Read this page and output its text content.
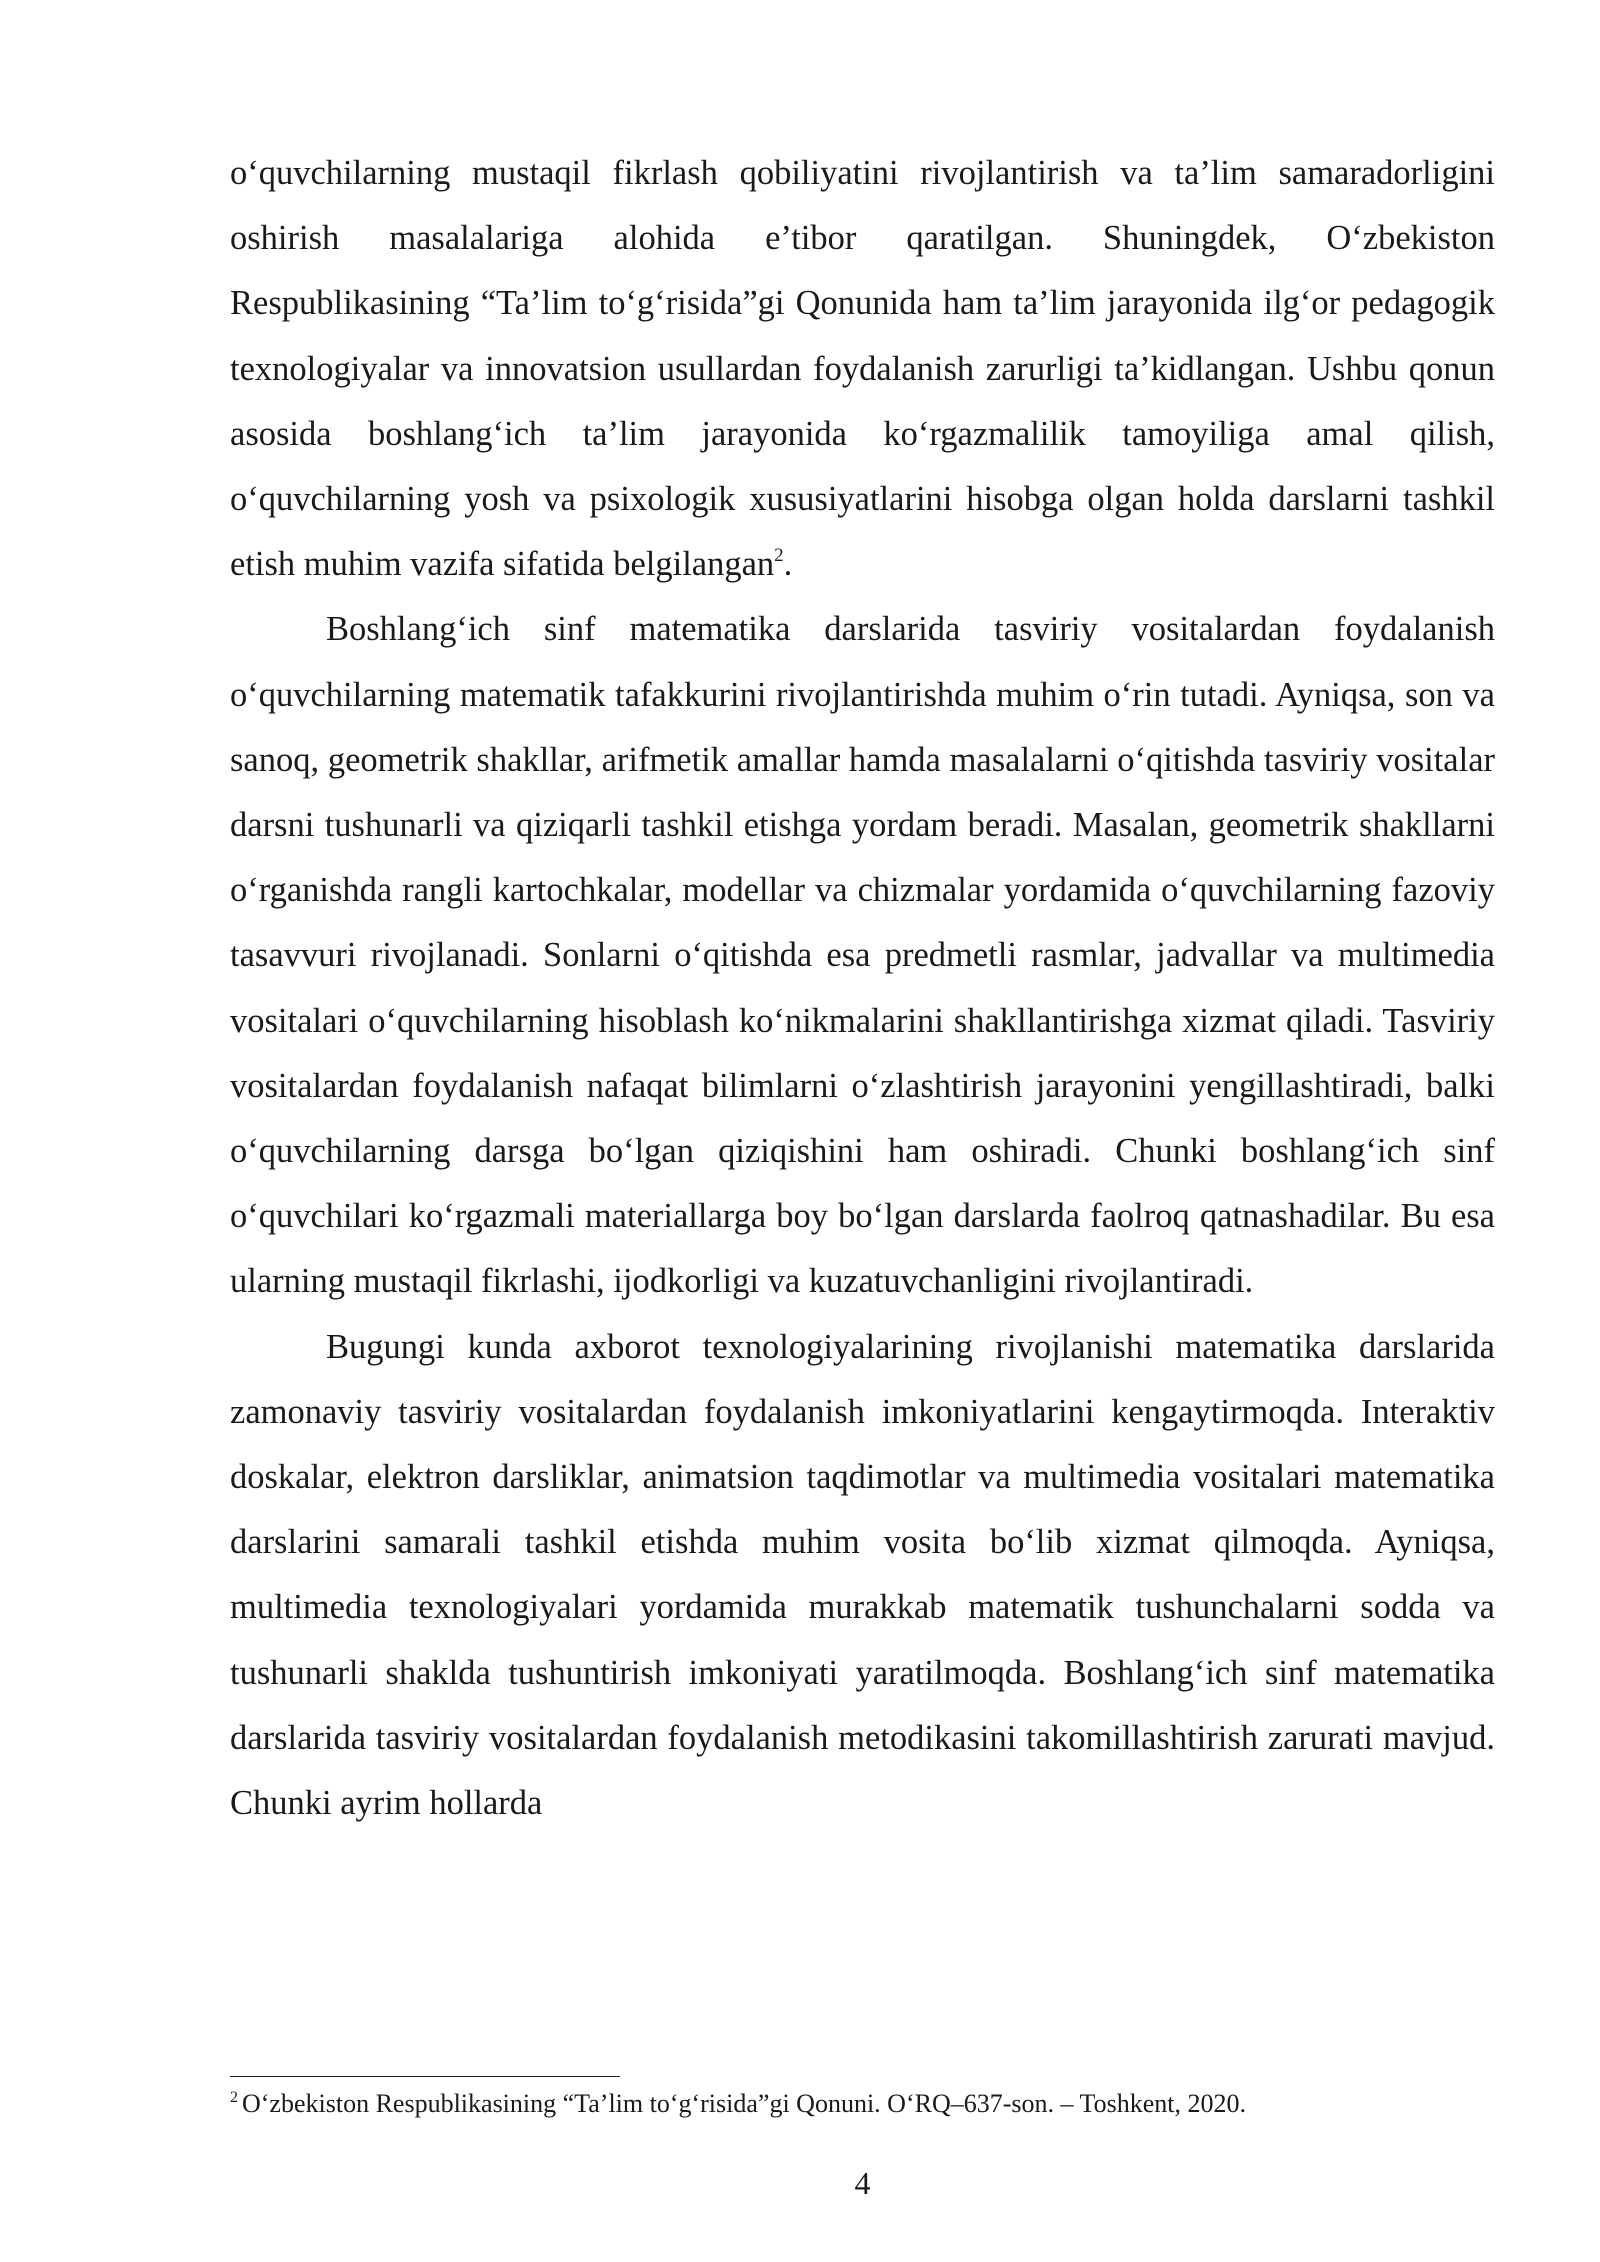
o‘quvchilarning mustaqil fikrlash qobiliyatini rivojlantirish va ta’lim samaradorligini oshirish masalalariga alohida e’tibor qaratilgan. Shuningdek, O‘zbekiston Respublikasining “Ta’lim to‘g‘risida”gi Qonunida ham ta’lim jarayonida ilg‘or pedagogik texnologiyalar va innovatsion usullardan foydalanish zarurligi ta’kidlangan. Ushbu qonun asosida boshlang‘ich ta’lim jarayonida ko‘rgazmalilik tamoyiliga amal qilish, o‘quvchilarning yosh va psixologik xususiyatlarini hisobga olgan holda darslarni tashkil etish muhim vazifa sifatida belgilangan$^2$.

Boshlang‘ich sinf matematika darslarida tasviriy vositalardan foydalanish o‘quvchilarning matematik tafakkurini rivojlantirishda muhim o‘rin tutadi. Ayniqsa, son va sanoq, geometrik shakllar, arifmetik amallar hamda masalalarni o‘qitishda tasviriy vositalar darsni tushunarli va qiziqarli tashkil etishga yordam beradi. Masalan, geometrik shakllarni o‘rganishda rangli kartochkalar, modellar va chizmalar yordamida o‘quvchilarning fazoviy tasavvuri rivojlanadi. Sonlarni o‘qitishda esa predmetli rasmlar, jadvallar va multimedia vositalari o‘quvchilarning hisoblash ko‘nikmalarini shakllantirishga xizmat qiladi. Tasviriy vositalardan foydalanish nafaqat bilimlarni o‘zlashtirish jarayonini yengillashtiradi, balki o‘quvchilarning darsga bo‘lgan qiziqishini ham oshiradi. Chunki boshlang‘ich sinf o‘quvchilari ko‘rgazmali materiallarga boy bo‘lgan darslarda faolroq qatnashadilar. Bu esa ularning mustaqil fikrlashi, ijodkorligi va kuzatuvchanligini rivojlantiradi.

Bugungi kunda axborot texnologiyalarining rivojlanishi matematika darslarida zamonaviy tasviriy vositalardan foydalanish imkoniyatlarini kengaytirmoqda. Interaktiv doskalar, elektron darsliklar, animatsion taqdimotlar va multimedia vositalari matematika darslarini samarali tashkil etishda muhim vosita bo‘lib xizmat qilmoqda. Ayniqsa, multimedia texnologiyalari yordamida murakkab matematik tushunchalarni sodda va tushunarli shaklda tushuntirish imkoniyati yaratilmoqda. Boshlang‘ich sinf matematika darslarida tasviriy vositalardan foydalanish metodikasini takomillashtirish zarurati mavjud. Chunki ayrim hollarda

$^2$ O‘zbekiston Respublikasining “Ta’lim to‘g‘risida”gi Qonuni. O‘RQ–637-son. – Toshkent, 2020.
4
